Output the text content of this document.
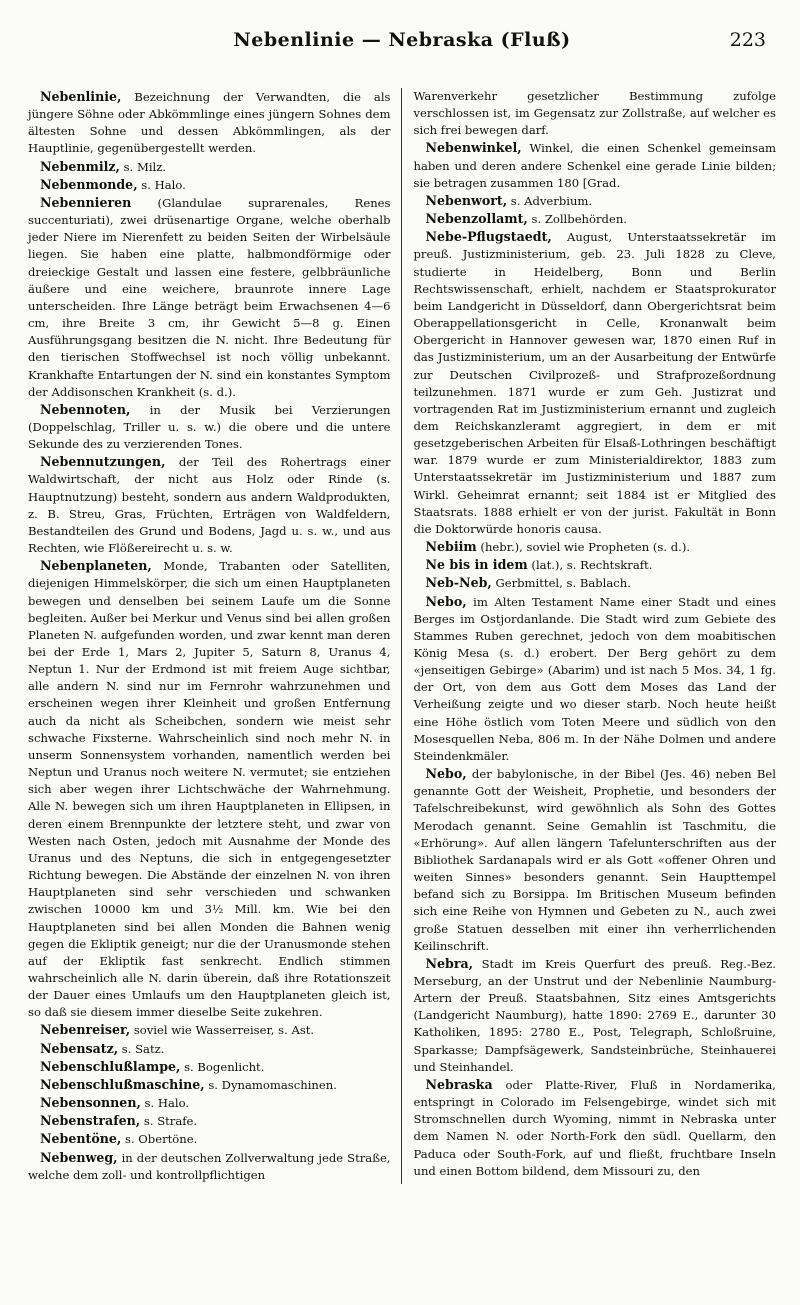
Nebenlinie — Nebraska (Fluß)	223

Nebenlinie, Bezeichnung der Verwandten, die als jüngere Söhne oder Abkömmlinge eines jüngern Sohnes dem ältesten Sohne und dessen Abkömmlingen, als der Hauptlinie, gegenübergestellt werden.

Nebenmilz, s. Milz.

Nebenmonde, s. Halo.

Nebennieren (Glandulae suprarenales, Renes succenturiati), zwei drüsenartige Organe, welche oberhalb jeder Niere im Nierenfett zu beiden Seiten der Wirbelsäule liegen. Sie haben eine platte, halbmondförmige oder dreieckige Gestalt und lassen eine festere, gelbbräunliche äußere und eine weichere, braunrote innere Lage unterscheiden. Ihre Länge beträgt beim Erwachsenen 4—6 cm, ihre Breite 3 cm, ihr Gewicht 5—8 g. Einen Ausführungsgang besitzen die N. nicht. Ihre Bedeutung für den tierischen Stoffwechsel ist noch völlig unbekannt. Krankhafte Entartungen der N. sind ein konstantes Symptom der Addisonschen Krankheit (s. d.).

Nebennoten, in der Musik bei Verzierungen (Doppelschlag, Triller u. s. w.) die obere und die untere Sekunde des zu verzierenden Tones.

Nebennutzungen, der Teil des Rohertrags einer Waldwirtschaft, der nicht aus Holz oder Rinde (s. Hauptnutzung) besteht, sondern aus andern Waldprodukten, z. B. Streu, Gras, Früchten, Erträgen von Waldfeldern, Bestandteilen des Grund und Bodens, Jagd u. s. w., und aus Rechten, wie Flößereirecht u. s. w.

Nebenplaneten, Monde, Trabanten oder Satelliten, diejenigen Himmelskörper, die sich um einen Hauptplaneten bewegen und denselben bei seinem Laufe um die Sonne begleiten. Außer bei Merkur und Venus sind bei allen großen Planeten N. aufgefunden worden, und zwar kennt man deren bei der Erde 1, Mars 2, Jupiter 5, Saturn 8, Uranus 4, Neptun 1. Nur der Erdmond ist mit freiem Auge sichtbar, alle andern N. sind nur im Fernrohr wahrzunehmen und erscheinen wegen ihrer Kleinheit und großen Entfernung auch da nicht als Scheibchen, sondern wie meist sehr schwache Fixsterne. Wahrscheinlich sind noch mehr N. in unserm Sonnensystem vorhanden, namentlich werden bei Neptun und Uranus noch weitere N. vermutet; sie entziehen sich aber wegen ihrer Lichtschwäche der Wahrnehmung. Alle N. bewegen sich um ihren Hauptplaneten in Ellipsen, in deren einem Brennpunkte der letztere steht, und zwar von Westen nach Osten, jedoch mit Ausnahme der Monde des Uranus und des Neptuns, die sich in entgegengesetzter Richtung bewegen. Die Abstände der einzelnen N. von ihren Hauptplaneten sind sehr verschieden und schwanken zwischen 10000 km und 3½ Mill. km. Wie bei den Hauptplaneten sind bei allen Monden die Bahnen wenig gegen die Ekliptik geneigt; nur die der Uranusmonde stehen auf der Ekliptik fast senkrecht. Endlich stimmen wahrscheinlich alle N. darin überein, daß ihre Rotationszeit der Dauer eines Umlaufs um den Hauptplaneten gleich ist, so daß sie diesem immer dieselbe Seite zukehren.

Nebenreiser, soviel wie Wasserreiser, s. Ast.

Nebensatz, s. Satz.

Nebenschlußlampe, s. Bogenlicht.

Nebenschlußmaschine, s. Dynamomaschinen.

Nebensonnen, s. Halo.

Nebenstrafen, s. Strafe.

Nebentöne, s. Obertöne.

Nebenweg, in der deutschen Zollverwaltung jede Straße, welche dem zoll- und kontrollpflichtigen

Warenverkehr gesetzlicher Bestimmung zufolge verschlossen ist, im Gegensatz zur Zollstraße, auf welcher es sich frei bewegen darf.

Nebenwinkel, Winkel, die einen Schenkel gemeinsam haben und deren andere Schenkel eine gerade Linie bilden; sie betragen zusammen 180 [Grad.

Nebenwort, s. Adverbium.

Nebenzollamt, s. Zollbehörden.

Nebe-Pflugstaedt, August, Unterstaatssekretär im preuß. Justizministerium, geb. 23. Juli 1828 zu Cleve, studierte in Heidelberg, Bonn und Berlin Rechtswissenschaft, erhielt, nachdem er Staatsprokurator beim Landgericht in Düsseldorf, dann Obergerichtsrat beim Oberappellationsgericht in Celle, Kronanwalt beim Obergericht in Hannover gewesen war, 1870 einen Ruf in das Justizministerium, um an der Ausarbeitung der Entwürfe zur Deutschen Civilprozeß- und Strafprozeßordnung teilzunehmen. 1871 wurde er zum Geh. Justizrat und vortragenden Rat im Justizministerium ernannt und zugleich dem Reichskanzleramt aggregiert, in dem er mit gesetzgeberischen Arbeiten für Elsaß-Lothringen beschäftigt war. 1879 wurde er zum Ministerialdirektor, 1883 zum Unterstaatssekretär im Justizministerium und 1887 zum Wirkl. Geheimrat ernannt; seit 1884 ist er Mitglied des Staatsrats. 1888 erhielt er von der jurist. Fakultät in Bonn die Doktorwürde honoris causa.

Nebiim (hebr.), soviel wie Propheten (s. d.).

Ne bis in idem (lat.), s. Rechtskraft.

Neb-Neb, Gerbmittel, s. Bablach.

Nebo, im Alten Testament Name einer Stadt und eines Berges im Ostjordanlande. Die Stadt wird zum Gebiete des Stammes Ruben gerechnet, jedoch von dem moabitischen König Mesa (s. d.) erobert. Der Berg gehört zu dem «jenseitigen Gebirge» (Abarim) und ist nach 5 Mos. 34, 1 fg. der Ort, von dem aus Gott dem Moses das Land der Verheißung zeigte und wo dieser starb. Noch heute heißt eine Höhe östlich vom Toten Meere und südlich von den Mosesquellen Neba, 806 m. In der Nähe Dolmen und andere Steindenkmäler.

Nebo, der babylonische, in der Bibel (Jes. 46) neben Bel genannte Gott der Weisheit, Prophetie, und besonders der Tafelschreibekunst, wird gewöhnlich als Sohn des Gottes Merodach genannt. Seine Gemahlin ist Taschmitu, die «Erhörung». Auf allen längern Tafelunterschriften aus der Bibliothek Sardanapals wird er als Gott «offener Ohren und weiten Sinnes» besonders genannt. Sein Haupttempel befand sich zu Borsippa. Im Britischen Museum befinden sich eine Reihe von Hymnen und Gebeten zu N., auch zwei große Statuen desselben mit einer ihn verherrlichenden Keilinschrift.

Nebra, Stadt im Kreis Querfurt des preuß. Reg.-Bez. Merseburg, an der Unstrut und der Nebenlinie Naumburg-Artern der Preuß. Staatsbahnen, Sitz eines Amtsgerichts (Landgericht Naumburg), hatte 1890: 2769 E., darunter 30 Katholiken, 1895: 2780 E., Post, Telegraph, Schloßruine, Sparkasse; Dampfsägewerk, Sandsteinbrüche, Steinhauerei und Steinhandel.

Nebraska oder Platte-River, Fluß in Nordamerika, entspringt in Colorado im Felsengebirge, windet sich mit Stromschnellen durch Wyoming, nimmt in Nebraska unter dem Namen N. oder North-Fork den südl. Quellarm, den Paduca oder South-Fork, auf und fließt, fruchtbare Inseln und einen Bottom bildend, dem Missouri zu, den
